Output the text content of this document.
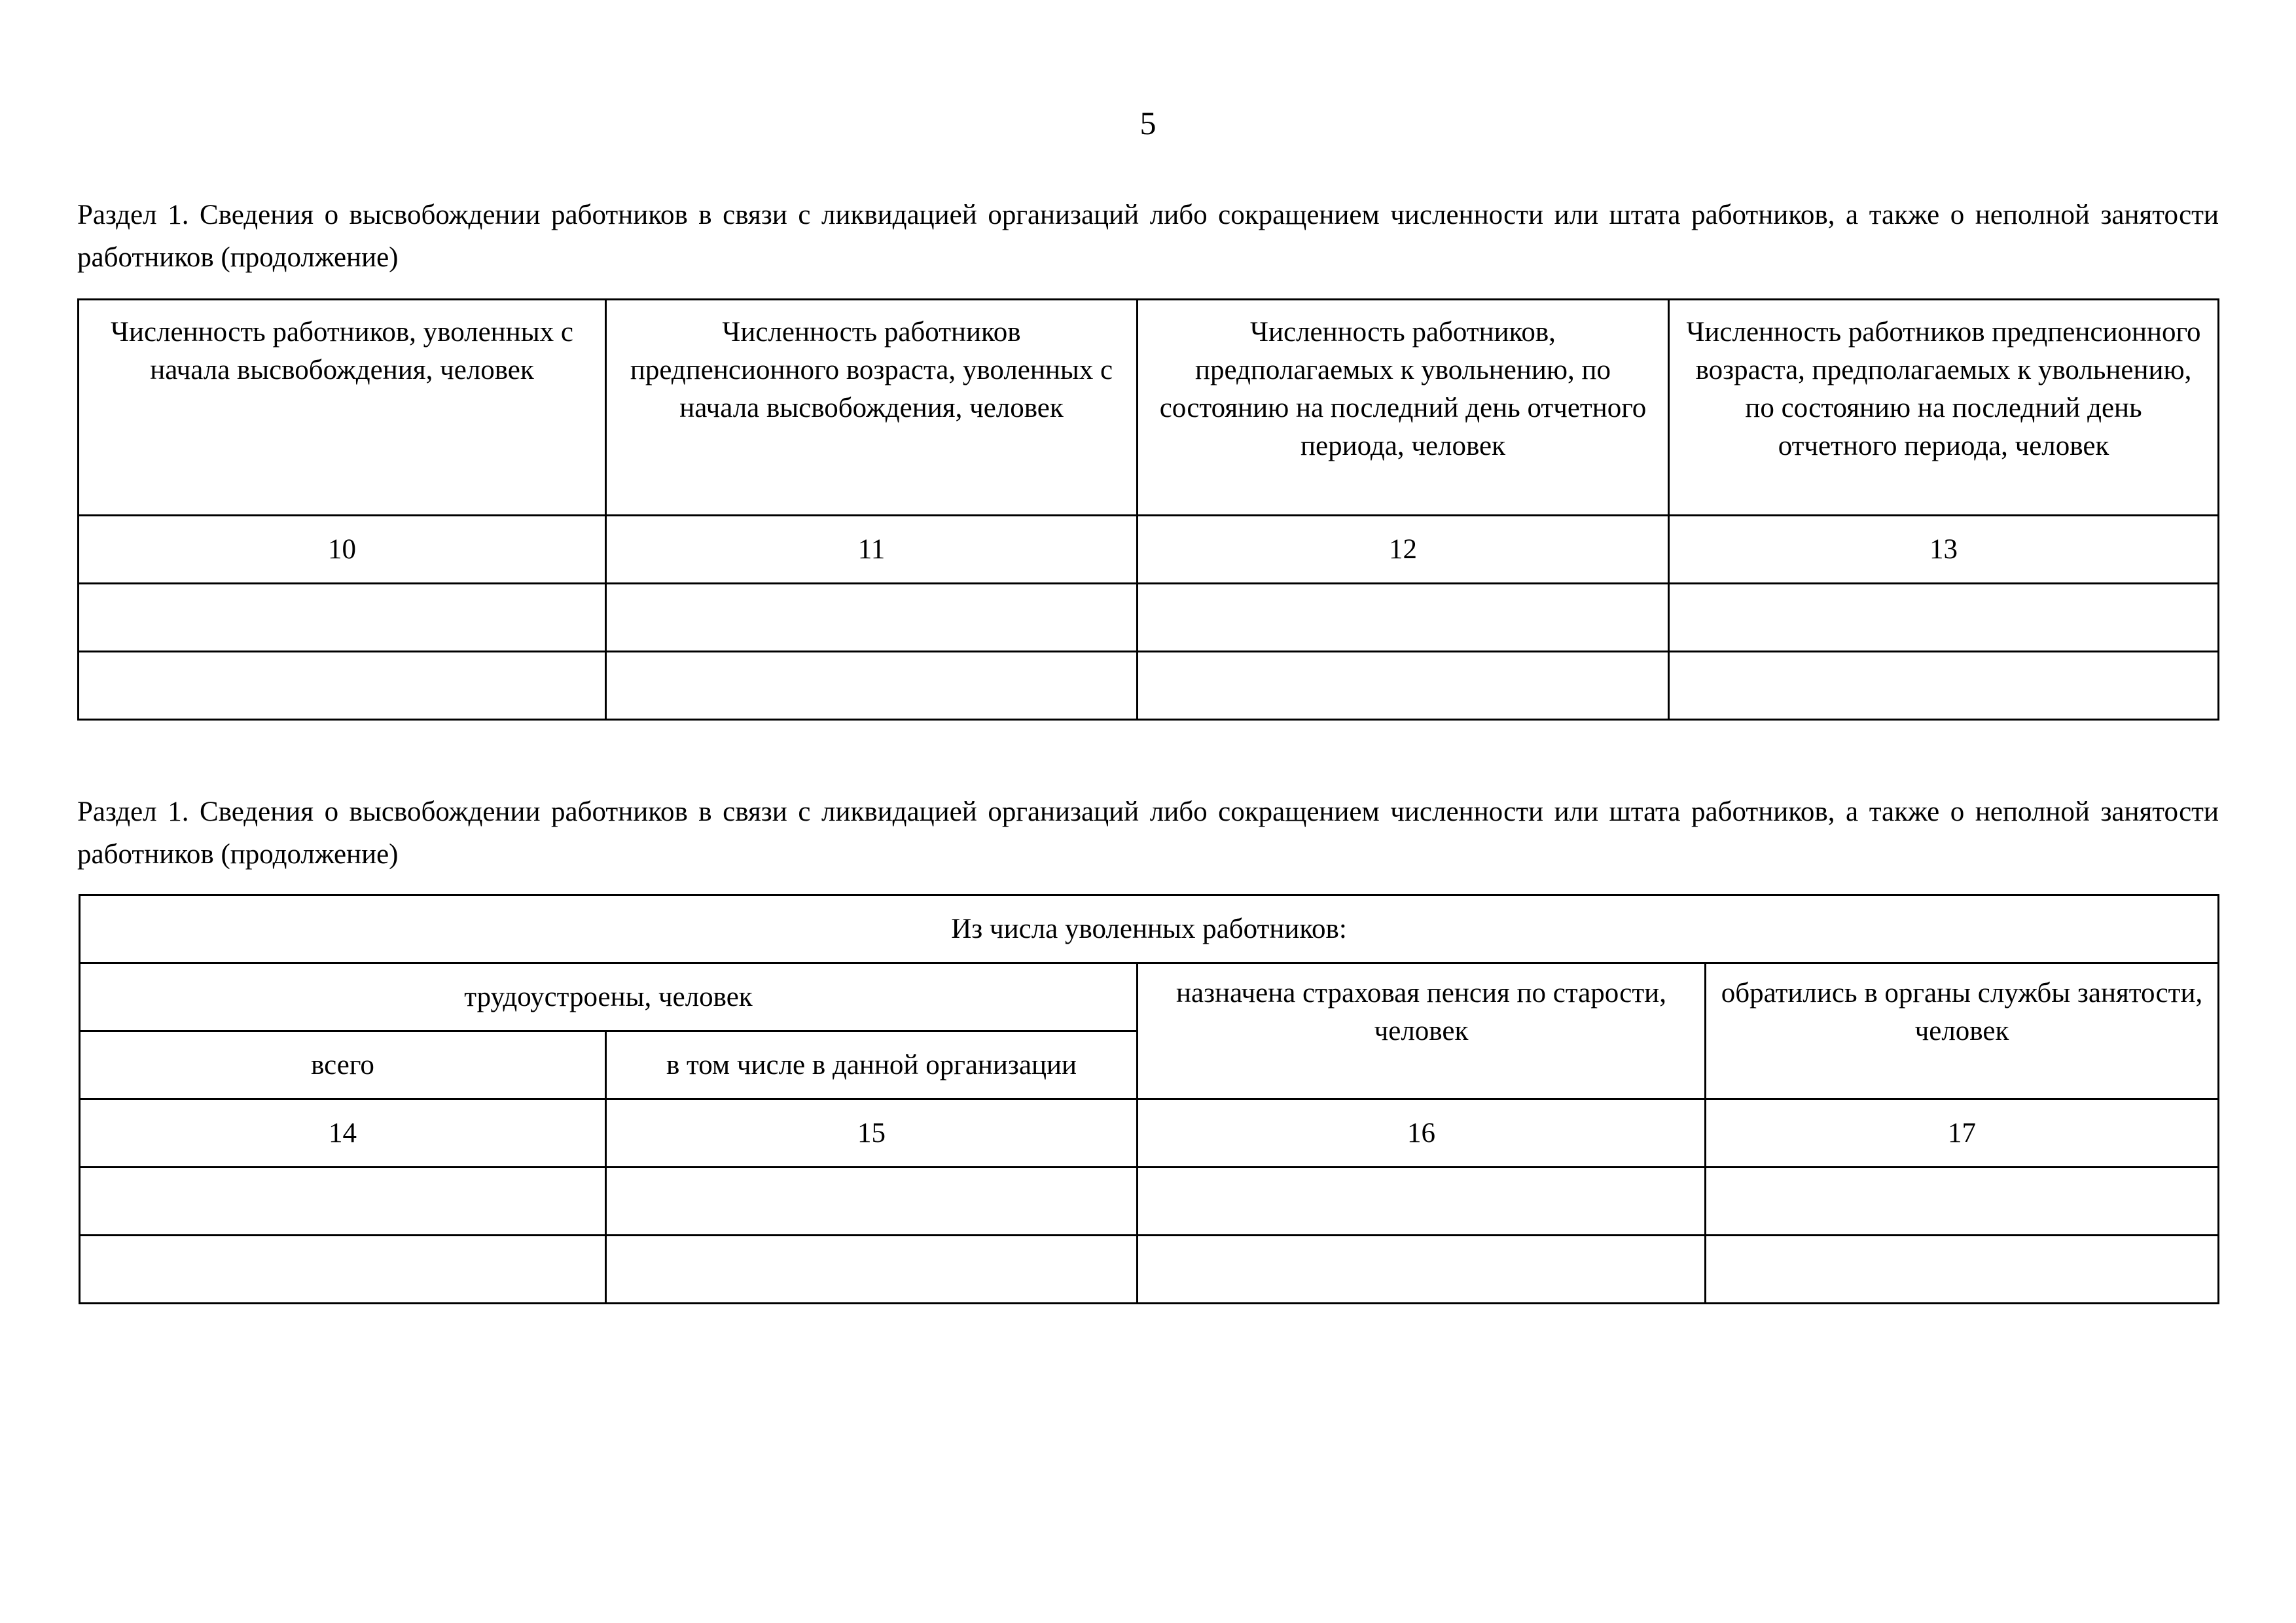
5
Раздел 1. Сведения о высвобождении работников в связи с ликвидацией организаций либо сокращением численности или штата работников, а также о неполной занятости работников (продолжение)
Численность работников, уволенных с начала высвобождения, человек	Численность работников предпенсионного возраста, уволенных с начала высвобождения, человек	Численность работников, предполагаемых к увольнению, по состоянию на последний день отчетного периода, человек	Численность работников предпенсионного возраста, предполагаемых к увольнению, по состоянию на последний день отчетного периода, человек
10	11	12	13

Раздел 1. Сведения о высвобождении работников в связи с ликвидацией организаций либо сокращением численности или штата работников, а также о неполной занятости работников (продолжение)
Из числа уволенных работников:			
трудоустроены, человек		назначена страховая пенсия по старости, человек	обратились в органы службы занятости, человек
всего	в том числе в данной организации		
14	15	16	17
